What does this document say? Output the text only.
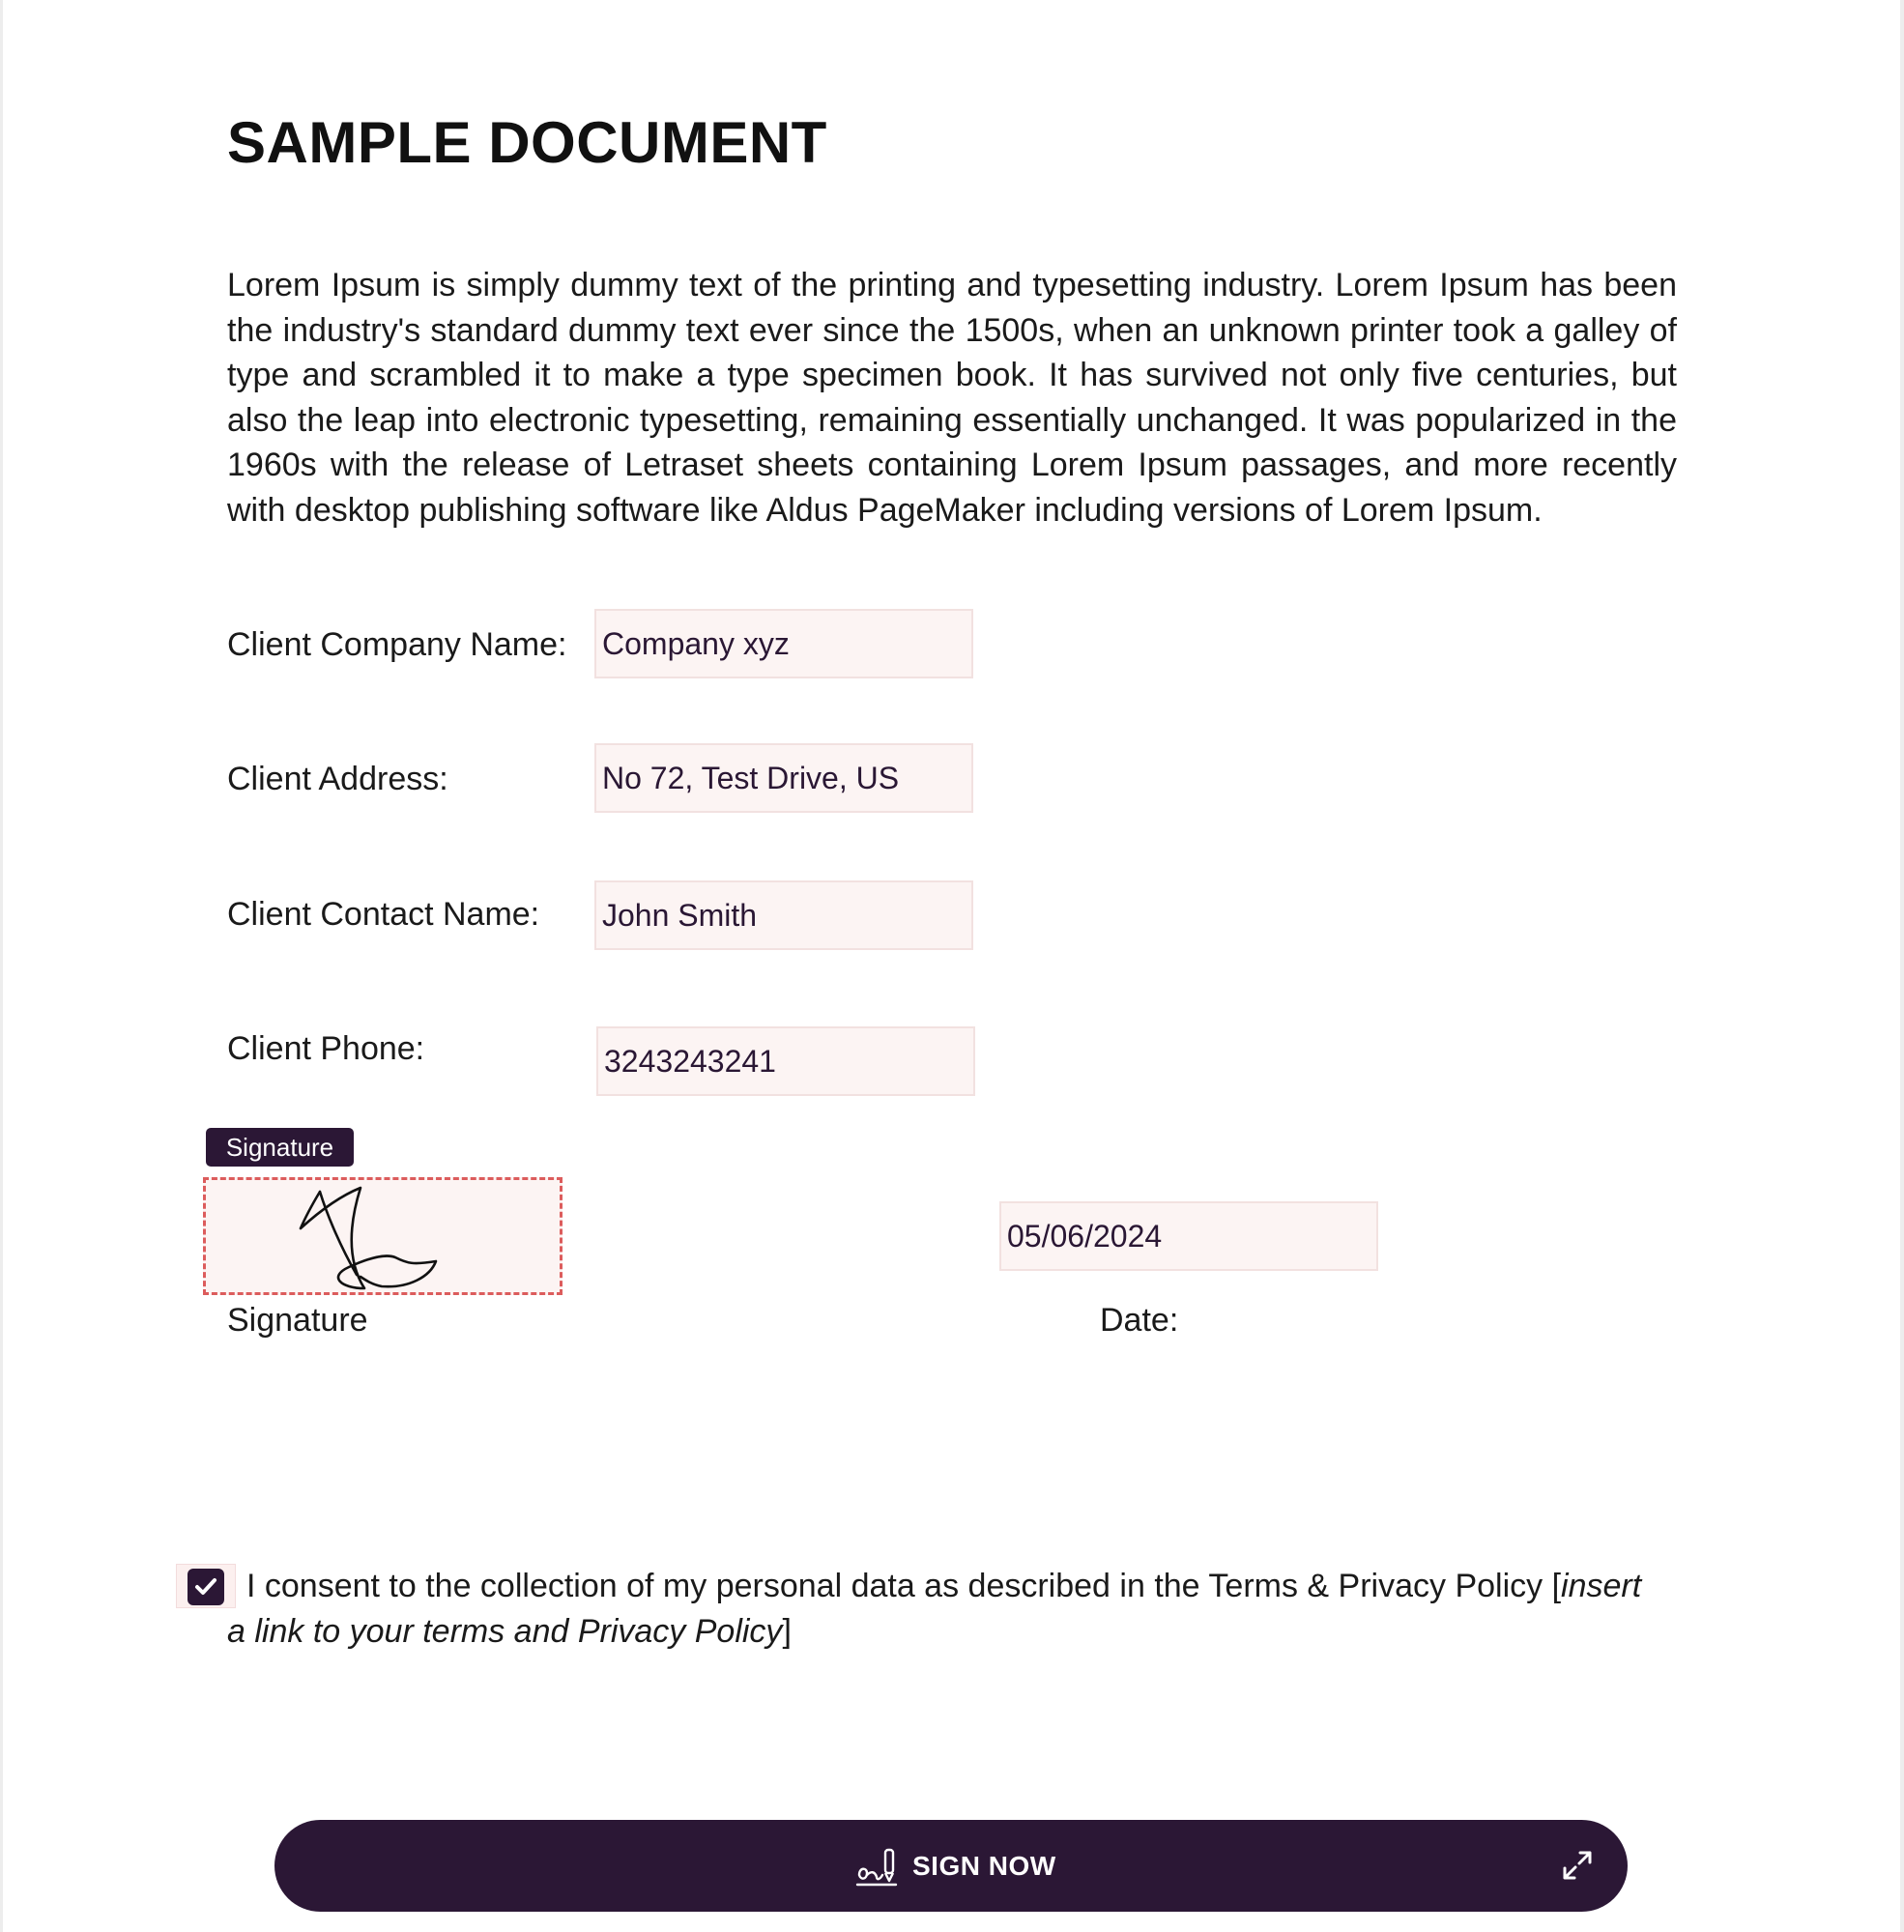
SAMPLE DOCUMENT

Lorem Ipsum is simply dummy text of the printing and typesetting industry. Lorem Ipsum has been the industry's standard dummy text ever since the 1500s, when an unknown printer took a galley of type and scrambled it to make a type specimen book. It has survived not only five centuries, but also the leap into electronic typesetting, remaining essentially unchanged. It was popularized in the 1960s with the release of Letraset sheets containing Lorem Ipsum passages, and more recently with desktop publishing software like Aldus PageMaker including versions of Lorem Ipsum.

Client Company Name:
Company xyz
Client Address:
No 72, Test Drive, US
Client Contact Name:
John Smith
Client Phone:
3243243241
Signature
Signature
05/06/2024	Date:

I consent to the collection of my personal data as described in the Terms & Privacy Policy [insert a link to your terms and Privacy Policy]

SIGN NOW
